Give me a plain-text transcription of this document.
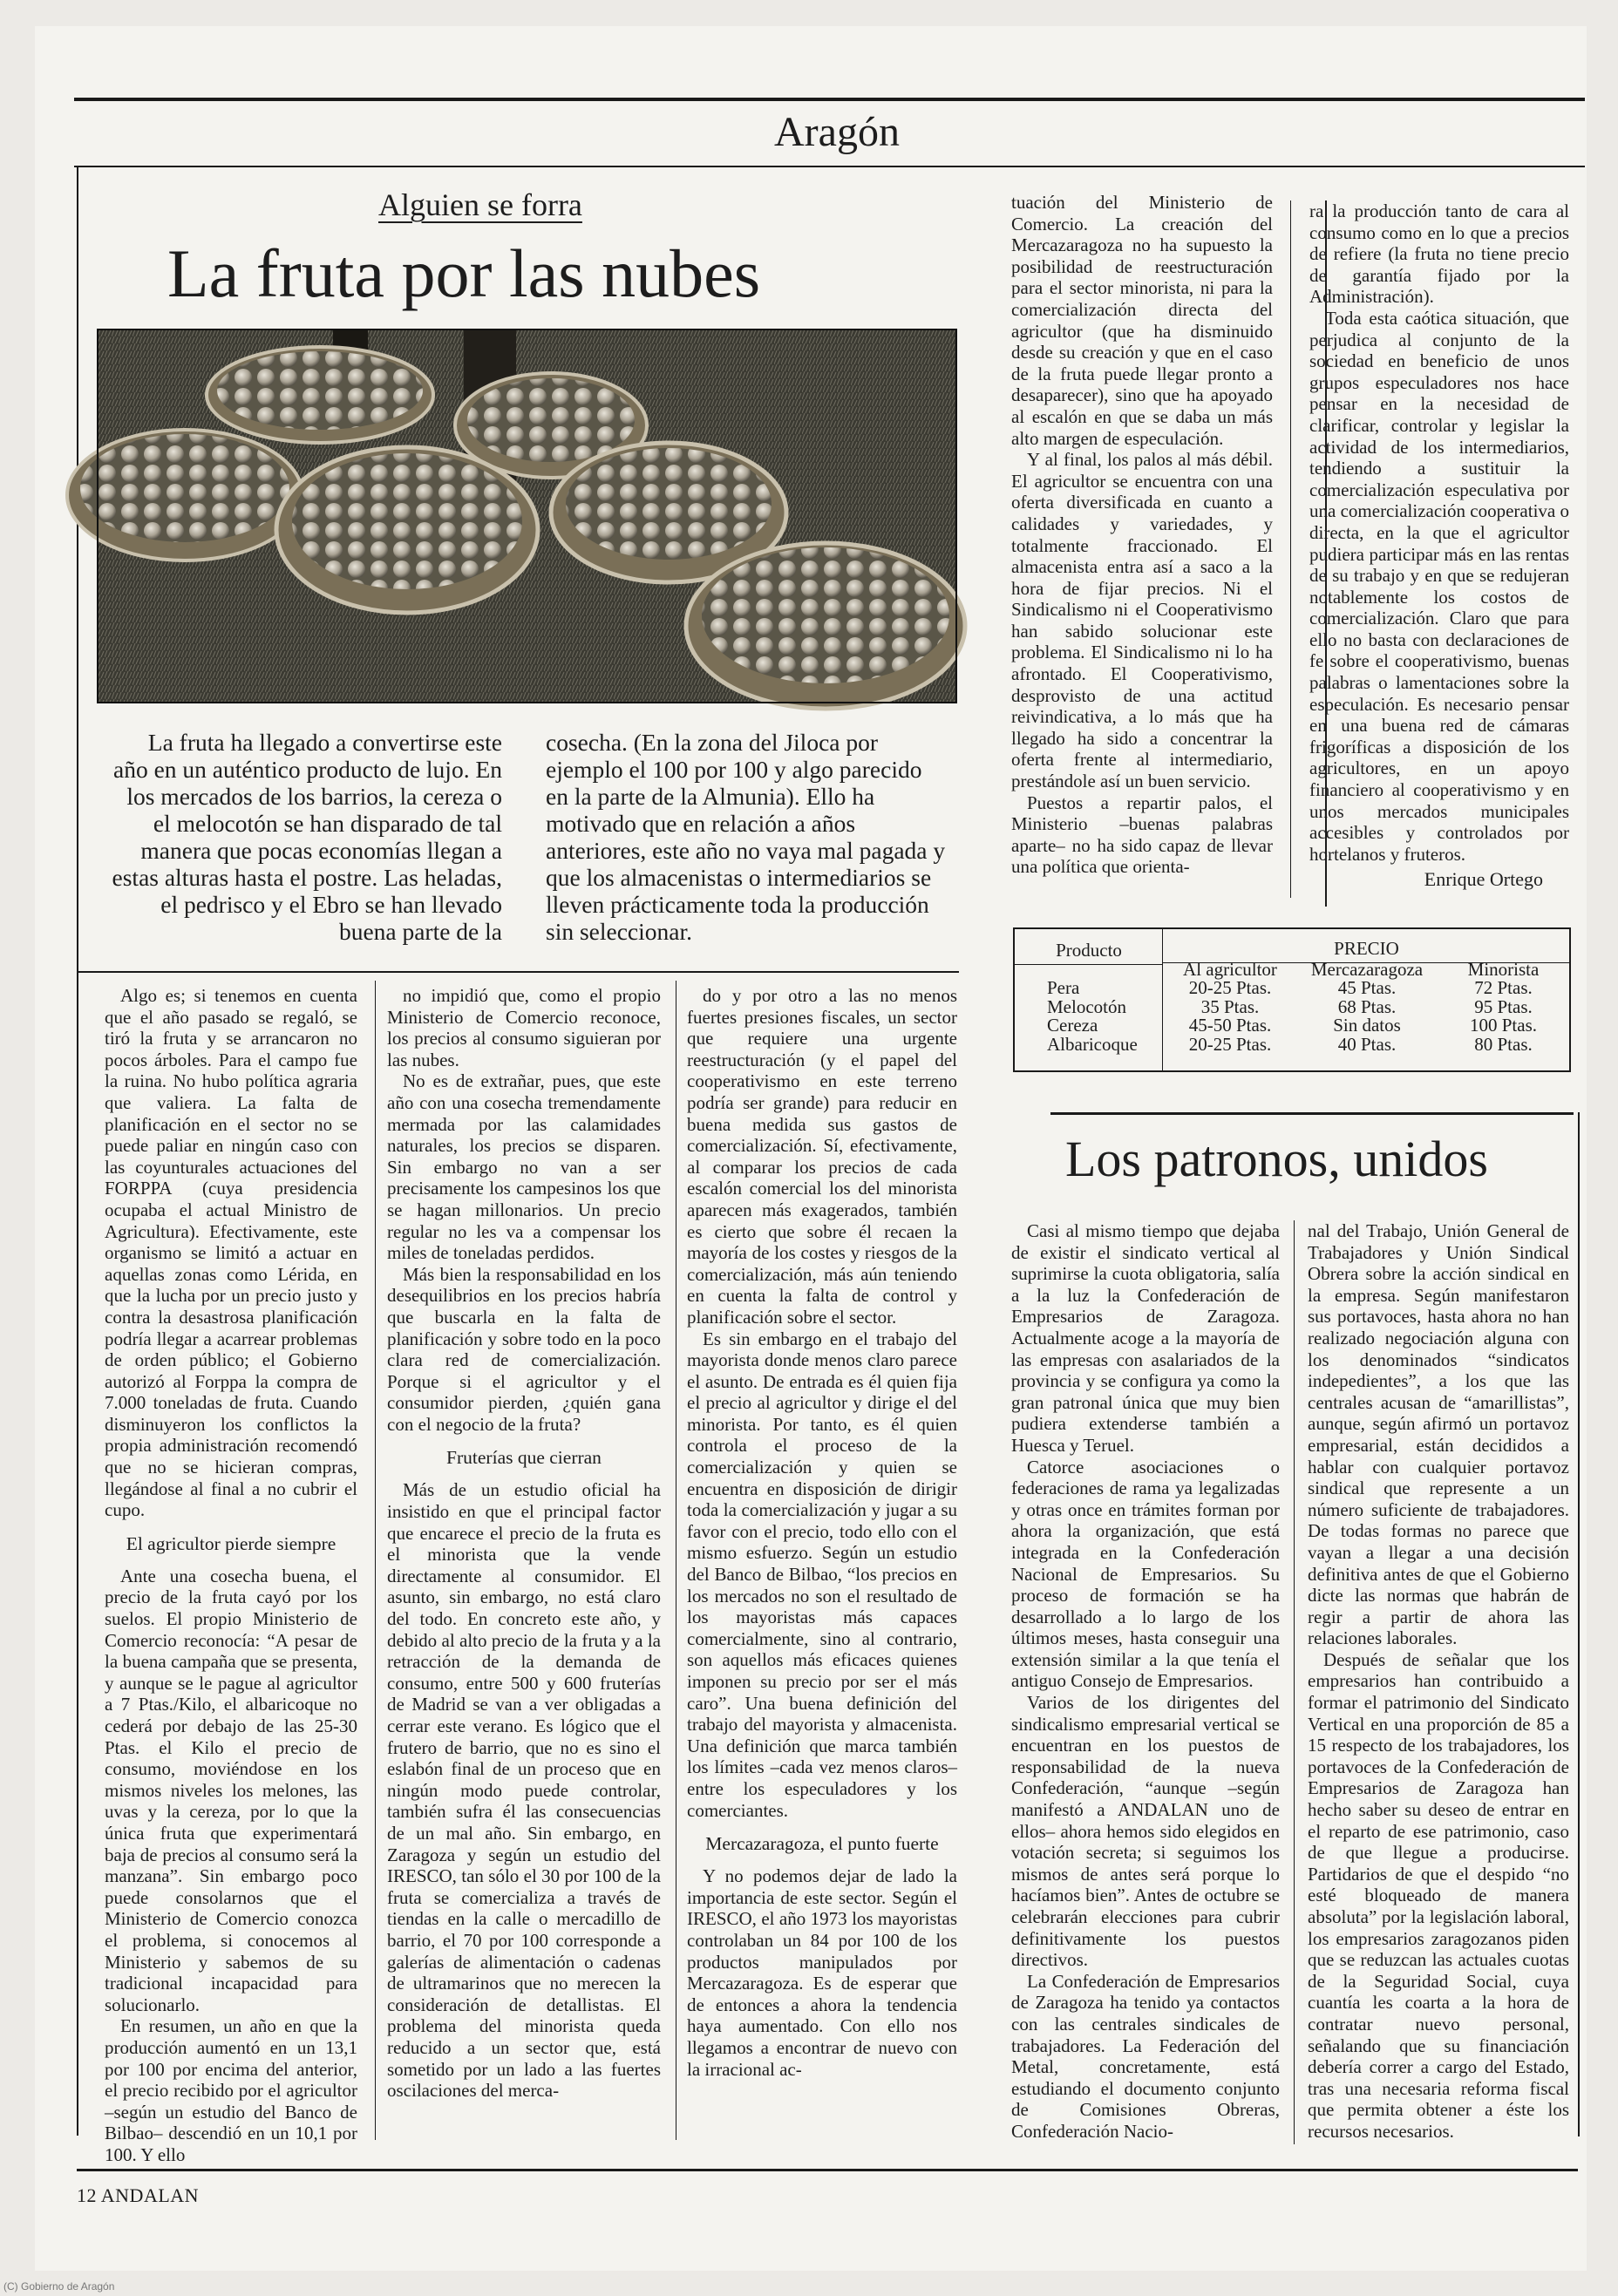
Aragón
Alguien se forra
La fruta por las nubes
La fruta ha llegado a convertirse este año en un auténtico producto de lujo. En los mercados de los barrios, la cereza o el melocotón se han disparado de tal manera que pocas economías llegan a estas alturas hasta el postre. Las heladas, el pedrisco y el Ebro se han llevado buena parte de la
cosecha. (En la zona del Jiloca por ejemplo el 100 por 100 y algo parecido en la parte de la Almunia). Ello ha motivado que en relación a años anteriores, este año no vaya mal pagada y que los almacenistas o intermediarios se lleven prácticamente toda la producción sin seleccionar.

Algo es; si tenemos en cuenta que el año pasado se regaló, se tiró la fruta y se arrancaron no pocos árboles. Para el campo fue la ruina. No hubo política agraria que valiera. La falta de planificación en el sector no se puede paliar en ningún caso con las coyunturales actuaciones del FORPPA (cuya presidencia ocupaba el actual Ministro de Agricultura). Efectivamente, este organismo se limitó a actuar en aquellas zonas como Lérida, en que la lucha por un precio justo y contra la desastrosa planificación podría llegar a acarrear problemas de orden público; el Gobierno autorizó al Forppa la compra de 7.000 toneladas de fruta. Cuando disminuyeron los conflictos la propia administración recomendó que no se hicieran compras, llegándose al final a no cubrir el cupo.

El agricultor pierde siempre

Ante una cosecha buena, el precio de la fruta cayó por los suelos. El propio Ministerio de Comercio reconocía: “A pesar de la buena campaña que se presenta, y aunque se le pague al agricultor a 7 Ptas./Kilo, el albaricoque no cederá por debajo de las 25-30 Ptas. el Kilo el precio de consumo, moviéndose en los mismos niveles los melones, las uvas y la cereza, por lo que la única fruta que experimentará baja de precios al consumo será la manzana”. Sin embargo poco puede consolarnos que el Ministerio de Comercio conozca el problema, si conocemos al Ministerio y sabemos de su tradicional incapacidad para solucionarlo.

En resumen, un año en que la producción aumentó en un 13,1 por 100 por encima del anterior, el precio recibido por el agricultor –según un estudio del Banco de Bilbao– descendió en un 10,1 por 100. Y ello

no impidió que, como el propio Ministerio de Comercio reconoce, los precios al consumo siguieran por las nubes.

No es de extrañar, pues, que este año con una cosecha tremendamente mermada por las calamidades naturales, los precios se disparen. Sin embargo no van a ser precisamente los campesinos los que se hagan millonarios. Un precio regular no les va a compensar los miles de toneladas perdidos.

Más bien la responsabilidad en los desequilibrios en los precios habría que buscarla en la falta de planificación y sobre todo en la poco clara red de comercialización. Porque si el agricultor y el consumidor pierden, ¿quién gana con el negocio de la fruta?

Fruterías que cierran

Más de un estudio oficial ha insistido en que el principal factor que encarece el precio de la fruta es el minorista que la vende directamente al consumidor. El asunto, sin embargo, no está claro del todo. En concreto este año, y debido al alto precio de la fruta y a la retracción de la demanda de consumo, entre 500 y 600 fruterías de Madrid se van a ver obligadas a cerrar este verano. Es lógico que el frutero de barrio, que no es sino el eslabón final de un proceso que en ningún modo puede controlar, también sufra él las consecuencias de un mal año. Sin embargo, en Zaragoza y según un estudio del IRESCO, tan sólo el 30 por 100 de la fruta se comercializa a través de tiendas en la calle o mercadillo de barrio, el 70 por 100 corresponde a galerías de alimentación o cadenas de ultramarinos que no merecen la consideración de detallistas. El problema del minorista queda reducido a un sector que, está sometido por un lado a las fuertes oscilaciones del merca-

do y por otro a las no menos fuertes presiones fiscales, un sector que requiere una urgente reestructuración (y el papel del cooperativismo en este terreno podría ser grande) para reducir en buena medida sus gastos de comercialización. Sí, efectivamente, al comparar los precios de cada escalón comercial los del minorista aparecen más exagerados, también es cierto que sobre él recaen la mayoría de los costes y riesgos de la comercialización, más aún teniendo en cuenta la falta de control y planificación sobre el sector.

Es sin embargo en el trabajo del mayorista donde menos claro parece el asunto. De entrada es él quien fija el precio al agricultor y dirige el del minorista. Por tanto, es él quien controla el proceso de la comercialización y quien se encuentra en disposición de dirigir toda la comercialización y jugar a su favor con el precio, todo ello con el mismo esfuerzo. Según un estudio del Banco de Bilbao, “los precios en los mercados no son el resultado de los mayoristas más capaces comercialmente, sino al contrario, son aquellos más eficaces quienes imponen su precio por ser el más caro”. Una buena definición del trabajo del mayorista y almacenista. Una definición que marca también los límites –cada vez menos claros– entre los especuladores y los comerciantes.

Mercazaragoza, el punto fuerte

Y no podemos dejar de lado la importancia de este sector. Según el IRESCO, el año 1973 los mayoristas controlaban un 84 por 100 de los productos manipulados por Mercazaragoza. Es de esperar que de entonces a ahora la tendencia haya aumentado. Con ello nos llegamos a encontrar de nuevo con la irracional ac-

tuación del Ministerio de Comercio. La creación del Mercazaragoza no ha supuesto la posibilidad de reestructuración para el sector minorista, ni para la comercialización directa del agricultor (que ha disminuido desde su creación y que en el caso de la fruta puede llegar pronto a desaparecer), sino que ha apoyado al escalón en que se daba un más alto margen de especulación.

Y al final, los palos al más débil. El agricultor se encuentra con una oferta diversificada en cuanto a calidades y variedades, y totalmente fraccionado. El almacenista entra así a saco a la hora de fijar precios. Ni el Sindicalismo ni el Cooperativismo han sabido solucionar este problema. El Sindicalismo ni lo ha afrontado. El Cooperativismo, desprovisto de una actitud reivindicativa, a lo más que ha llegado ha sido a concentrar la oferta frente al intermediario, prestándole así un buen servicio.

Puestos a repartir palos, el Ministerio –buenas palabras aparte– no ha sido capaz de llevar una política que orienta-

ra la producción tanto de cara al consumo como en lo que a precios de refiere (la fruta no tiene precio de garantía fijado por la Administración).

Toda esta caótica situación, que perjudica al conjunto de la sociedad en beneficio de unos grupos especuladores nos hace pensar en la necesidad de clarificar, controlar y legislar la actividad de los intermediarios, tendiendo a sustituir la comercialización especulativa por una comercialización cooperativa o directa, en la que el agricultor pudiera participar más en las rentas de su trabajo y en que se redujeran notablemente los costos de comercialización. Claro que para ello no basta con declaraciones de fe sobre el cooperativismo, buenas palabras o lamentaciones sobre la especulación. Es necesario pensar en una buena red de cámaras frigoríficas a disposición de los agricultores, en un apoyo financiero al cooperativismo y en unos mercados municipales accesibles y controlados por hortelanos y fruteros.

Enrique Ortego
Producto	PRECIO		
	Al agricultor	Mercazaragoza	Minorista
Pera	20-25 Ptas.	45 Ptas.	72 Ptas.
Melocotón	35 Ptas.	68 Ptas.	95 Ptas.
Cereza	45-50 Ptas.	Sin datos	100 Ptas.
Albaricoque	20-25 Ptas.	40 Ptas.	80 Ptas.
Los patronos, unidos

Casi al mismo tiempo que dejaba de existir el sindicato vertical al suprimirse la cuota obligatoria, salía a la luz la Confederación de Empresarios de Zaragoza. Actualmente acoge a la mayoría de las empresas con asalariados de la provincia y se configura ya como la gran patronal única que muy bien pudiera extenderse también a Huesca y Teruel.

Catorce asociaciones o federaciones de rama ya legalizadas y otras once en trámites forman por ahora la organización, que está integrada en la Confederación Nacional de Empresarios. Su proceso de formación se ha desarrollado a lo largo de los últimos meses, hasta conseguir una extensión similar a la que tenía el antiguo Consejo de Empresarios.

Varios de los dirigentes del sindicalismo empresarial vertical se encuentran en los puestos de responsabilidad de la nueva Confederación, “aunque –según manifestó a ANDALAN uno de ellos– ahora hemos sido elegidos en votación secreta; si seguimos los mismos de antes será porque lo hacíamos bien”. Antes de octubre se celebrarán elecciones para cubrir definitivamente los puestos directivos.

La Confederación de Empresarios de Zaragoza ha tenido ya contactos con las centrales sindicales de trabajadores. La Federación del Metal, concretamente, está estudiando el documento conjunto de Comisiones Obreras, Confederación Nacio-

nal del Trabajo, Unión General de Trabajadores y Unión Sindical Obrera sobre la acción sindical en la empresa. Según manifestaron sus portavoces, hasta ahora no han realizado negociación alguna con los denominados “sindicatos indepedientes”, a los que las centrales acusan de “amarillistas”, aunque, según afirmó un portavoz empresarial, están decididos a hablar con cualquier portavoz sindical que represente a un número suficiente de trabajadores. De todas formas no parece que vayan a llegar a una decisión definitiva antes de que el Gobierno dicte las normas que habrán de regir a partir de ahora las relaciones laborales.

Después de señalar que los empresarios han contribuido a formar el patrimonio del Sindicato Vertical en una proporción de 85 a 15 respecto de los trabajadores, los portavoces de la Confederación de Empresarios de Zaragoza han hecho saber su deseo de entrar en el reparto de ese patrimonio, caso de que llegue a producirse. Partidarios de que el despido “no esté bloqueado de manera absoluta” por la legislación laboral, los empresarios zaragozanos piden que se reduzcan las actuales cuotas de la Seguridad Social, cuya cuantía les coarta a la hora de contratar nuevo personal, señalando que su financiación debería correr a cargo del Estado, tras una necesaria reforma fiscal que permita obtener a éste los recursos necesarios.

12 ANDALAN
(C) Gobierno de Aragón
